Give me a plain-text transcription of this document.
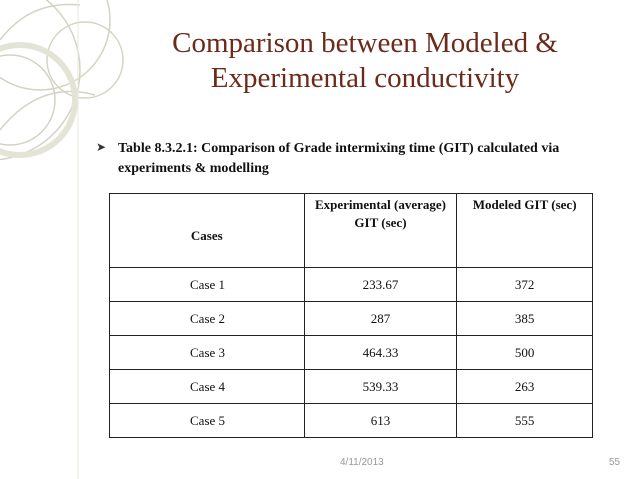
Comparison between Modeled & Experimental conductivity
➤ Table 8.3.2.1: Comparison of Grade intermixing time (GIT) calculated via experiments & modelling
Cases	Experimental (average) GIT (sec)	Modeled GIT (sec)
Case 1	233.67	372
Case 2	287	385
Case 3	464.33	500
Case 4	539.33	263
Case 5	613	555
4/11/2013	55
